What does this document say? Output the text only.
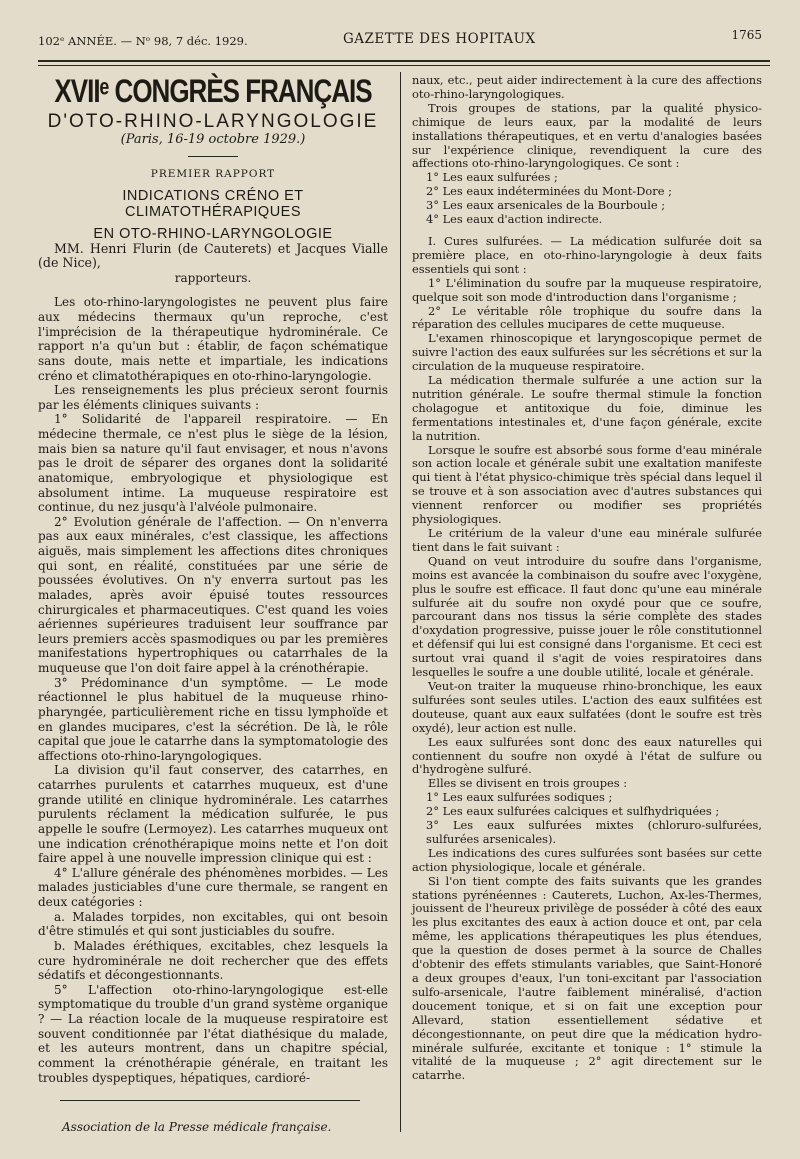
102ᵉ ANNÉE. — Nᵒ 98, 7 déc. 1929.	GAZETTE DES HOPITAUX	1765
XVIIᵉ CONGRÈS FRANÇAIS
D'OTO-RHINO-LARYNGOLOGIE
(Paris, 16-19 octobre 1929.)
PREMIER RAPPORT
INDICATIONS CRÉNO ET CLIMATOTHÉRAPIQUES
EN OTO-RHINO-LARYNGOLOGIE

MM. Henri Flurin (de Cauterets) et Jacques Vialle (de Nice),

rapporteurs.

Les oto-rhino-laryngologistes ne peuvent plus faire aux médecins thermaux qu'un reproche, c'est l'imprécision de la thérapeutique hydrominérale. Ce rapport n'a qu'un but : établir, de façon schématique sans doute, mais nette et impartiale, les indications créno et climatothérapiques en oto-rhino-laryngologie.

Les renseignements les plus précieux seront fournis par les éléments cliniques suivants :

1° Solidarité de l'appareil respiratoire. — En médecine thermale, ce n'est plus le siège de la lésion, mais bien sa nature qu'il faut envisager, et nous n'avons pas le droit de séparer des organes dont la solidarité anatomique, embryologique et physiologique est absolument intime. La muqueuse respiratoire est continue, du nez jusqu'à l'alvéole pulmonaire.

2° Evolution générale de l'affection. — On n'enverra pas aux eaux minérales, c'est classique, les affections aiguës, mais simplement les affections dites chroniques qui sont, en réalité, constituées par une série de poussées évolutives. On n'y enverra surtout pas les malades, après avoir épuisé toutes ressources chirurgicales et pharmaceutiques. C'est quand les voies aériennes supérieures traduisent leur souffrance par leurs premiers accès spasmodiques ou par les premières manifestations hypertrophiques ou catarrhales de la muqueuse que l'on doit faire appel à la crénothérapie.

3° Prédominance d'un symptôme. — Le mode réactionnel le plus habituel de la muqueuse rhino-pharyngée, particulièrement riche en tissu lymphoïde et en glandes mucipares, c'est la sécrétion. De là, le rôle capital que joue le catarrhe dans la symptomatologie des affections oto-rhino-laryngologiques.

La division qu'il faut conserver, des catarrhes, en catarrhes purulents et catarrhes muqueux, est d'une grande utilité en clinique hydrominérale. Les catarrhes purulents réclament la médication sulfurée, le pus appelle le soufre (Lermoyez). Les catarrhes muqueux ont une indication crénothérapique moins nette et l'on doit faire appel à une nouvelle impression clinique qui est :

4° L'allure générale des phénomènes morbides. — Les malades justiciables d'une cure thermale, se rangent en deux catégories :

a. Malades torpides, non excitables, qui ont besoin d'être stimulés et qui sont justiciables du soufre.

b. Malades éréthiques, excitables, chez lesquels la cure hydrominérale ne doit rechercher que des effets sédatifs et décongestionnants.

5° L'affection oto-rhino-laryngologique est-elle symptomatique du trouble d'un grand système organique ? — La réaction locale de la muqueuse respiratoire est souvent conditionnée par l'état diathésique du malade, et les auteurs montrent, dans un chapitre spécial, comment la crénothérapie générale, en traitant les troubles dyspeptiques, hépatiques, cardioré-

naux, etc., peut aider indirectement à la cure des affections oto-rhino-laryngologiques.

Trois groupes de stations, par la qualité physico-chimique de leurs eaux, par la modalité de leurs installations thérapeutiques, et en vertu d'analogies basées sur l'expérience clinique, revendiquent la cure des affections oto-rhino-laryngologiques. Ce sont :

1° Les eaux sulfurées ;

2° Les eaux indéterminées du Mont-Dore ;

3° Les eaux arsenicales de la Bourboule ;

4° Les eaux d'action indirecte.

I. Cures sulfurées. — La médication sulfurée doit sa première place, en oto-rhino-laryngologie à deux faits essentiels qui sont :

1° L'élimination du soufre par la muqueuse respiratoire, quelque soit son mode d'introduction dans l'organisme ;

2° Le véritable rôle trophique du soufre dans la réparation des cellules mucipares de cette muqueuse.

L'examen rhinoscopique et laryngoscopique permet de suivre l'action des eaux sulfurées sur les sécrétions et sur la circulation de la muqueuse respiratoire.

La médication thermale sulfurée a une action sur la nutrition générale. Le soufre thermal stimule la fonction cholagogue et antitoxique du foie, diminue les fermentations intestinales et, d'une façon générale, excite la nutrition.

Lorsque le soufre est absorbé sous forme d'eau minérale son action locale et générale subit une exaltation manifeste qui tient à l'état physico-chimique très spécial dans lequel il se trouve et à son association avec d'autres substances qui viennent renforcer ou modifier ses propriétés physiologiques.

Le critérium de la valeur d'une eau minérale sulfurée tient dans le fait suivant :

Quand on veut introduire du soufre dans l'organisme, moins est avancée la combinaison du soufre avec l'oxygène, plus le soufre est efficace. Il faut donc qu'une eau minérale sulfurée ait du soufre non oxydé pour que ce soufre, parcourant dans nos tissus la série complète des stades d'oxydation progressive, puisse jouer le rôle constitutionnel et défensif qui lui est consigné dans l'organisme. Et ceci est surtout vrai quand il s'agit de voies respiratoires dans lesquelles le soufre a une double utilité, locale et générale.

Veut-on traiter la muqueuse rhino-bronchique, les eaux sulfurées sont seules utiles. L'action des eaux sulfitées est douteuse, quant aux eaux sulfatées (dont le soufre est très oxydé), leur action est nulle.

Les eaux sulfurées sont donc des eaux naturelles qui contiennent du soufre non oxydé à l'état de sulfure ou d'hydrogène sulfuré.

Elles se divisent en trois groupes :

1° Les eaux sulfurées sodiques ;

2° Les eaux sulfurées calciques et sulfhydriquées ;

3° Les eaux sulfurées mixtes (chloruro-sulfurées, sulfurées arsenicales).

Les indications des cures sulfurées sont basées sur cette action physiologique, locale et générale.

Si l'on tient compte des faits suivants que les grandes stations pyrénéennes : Cauterets, Luchon, Ax-les-Thermes, jouissent de l'heureux privilège de posséder à côté des eaux les plus excitantes des eaux à action douce et ont, par cela même, les applications thérapeutiques les plus étendues, que la question de doses permet à la source de Challes d'obtenir des effets stimulants variables, que Saint-Honoré a deux groupes d'eaux, l'un toni-excitant par l'association sulfo-arsenicale, l'autre faiblement minéralisé, d'action doucement tonique, et si on fait une exception pour Allevard, station essentiellement sédative et décongestionnante, on peut dire que la médication hydro-minérale sulfurée, excitante et tonique : 1° stimule la vitalité de la muqueuse ; 2° agit directement sur le catarrhe.

Association de la Presse médicale française.
